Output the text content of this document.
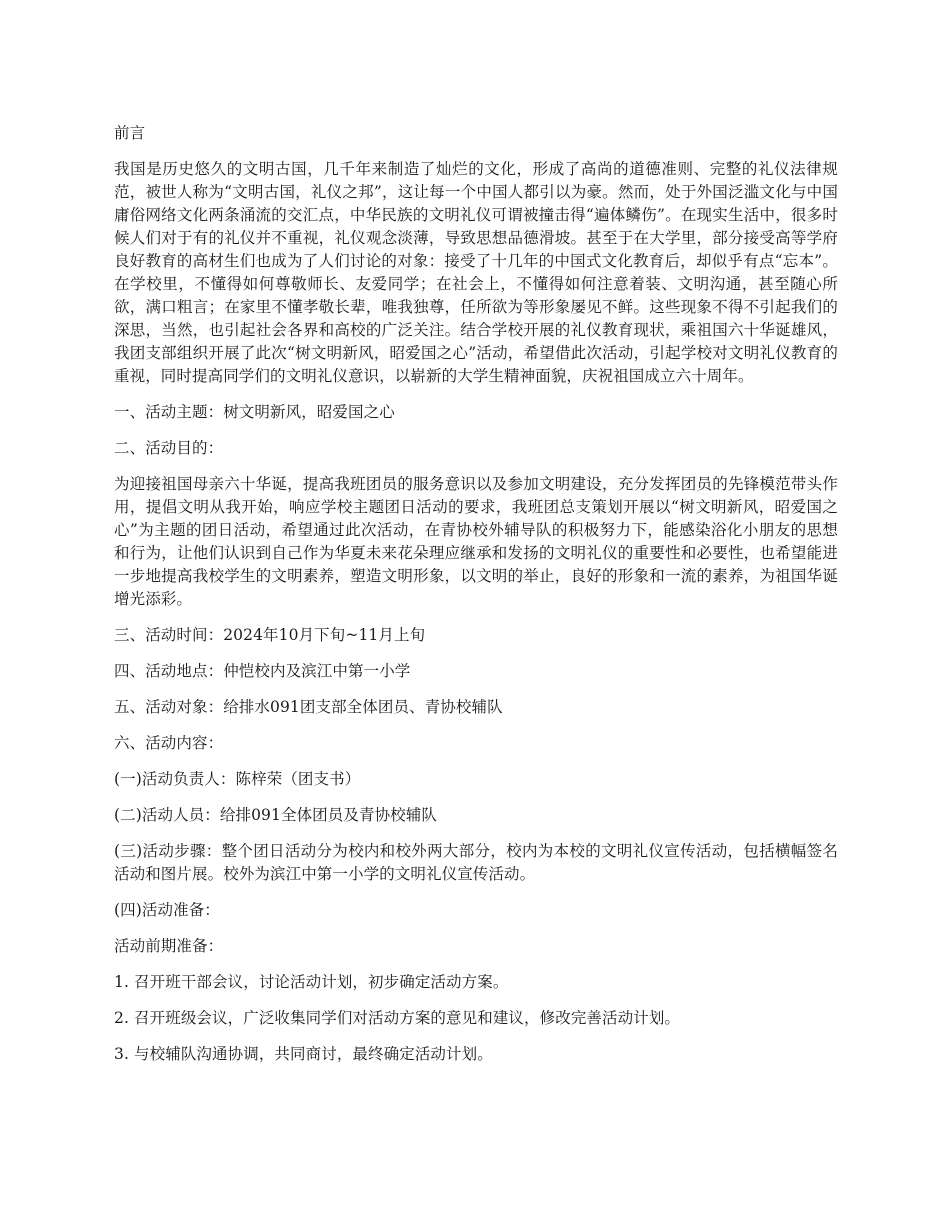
前言

我国是历史悠久的文明古国，几千年来制造了灿烂的文化，形成了高尚的道德准则、完整的礼仪法律规范，被世人称为“文明古国，礼仪之邦”，这让每一个中国人都引以为豪。然而，处于外国泛滥文化与中国庸俗网络文化两条涌流的交汇点，中华民族的文明礼仪可谓被撞击得“遍体鳞伤”。在现实生活中，很多时候人们对于有的礼仪并不重视，礼仪观念淡薄，导致思想品德滑坡。甚至于在大学里，部分接受高等学府良好教育的高材生们也成为了人们讨论的对象：接受了十几年的中国式文化教育后，却似乎有点“忘本”。在学校里，不懂得如何尊敬师长、友爱同学；在社会上，不懂得如何注意着装、文明沟通，甚至随心所欲，满口粗言；在家里不懂孝敬长辈，唯我独尊，任所欲为等形象屡见不鲜。这些现象不得不引起我们的深思，当然，也引起社会各界和高校的广泛关注。结合学校开展的礼仪教育现状，乘祖国六十华诞雄风，我团支部组织开展了此次“树文明新风，昭爱国之心”活动，希望借此次活动，引起学校对文明礼仪教育的重视，同时提高同学们的文明礼仪意识，以崭新的大学生精神面貌，庆祝祖国成立六十周年。

一、活动主题：树文明新风，昭爱国之心

二、活动目的：

为迎接祖国母亲六十华诞，提高我班团员的服务意识以及参加文明建设，充分发挥团员的先锋模范带头作用，提倡文明从我开始，响应学校主题团日活动的要求，我班团总支策划开展以“树文明新风，昭爱国之心”为主题的团日活动，希望通过此次活动，在青协校外辅导队的积极努力下，能感染浴化小朋友的思想和行为，让他们认识到自己作为华夏未来花朵理应继承和发扬的文明礼仪的重要性和必要性，也希望能进一步地提高我校学生的文明素养，塑造文明形象，以文明的举止，良好的形象和一流的素养，为祖国华诞增光添彩。

三、活动时间：2024年10月下旬~11月上旬

四、活动地点：仲恺校内及滨江中第一小学

五、活动对象：给排水091团支部全体团员、青协校辅队

六、活动内容：

(一)活动负责人：陈梓荣（团支书）

(二)活动人员：给排091全体团员及青协校辅队

(三)活动步骤：整个团日活动分为校内和校外两大部分，校内为本校的文明礼仪宣传活动，包括横幅签名活动和图片展。校外为滨江中第一小学的文明礼仪宣传活动。

(四)活动准备：

活动前期准备：

1. 召开班干部会议，讨论活动计划，初步确定活动方案。

2. 召开班级会议，广泛收集同学们对活动方案的意见和建议，修改完善活动计划。

3. 与校辅队沟通协调，共同商讨，最终确定活动计划。
